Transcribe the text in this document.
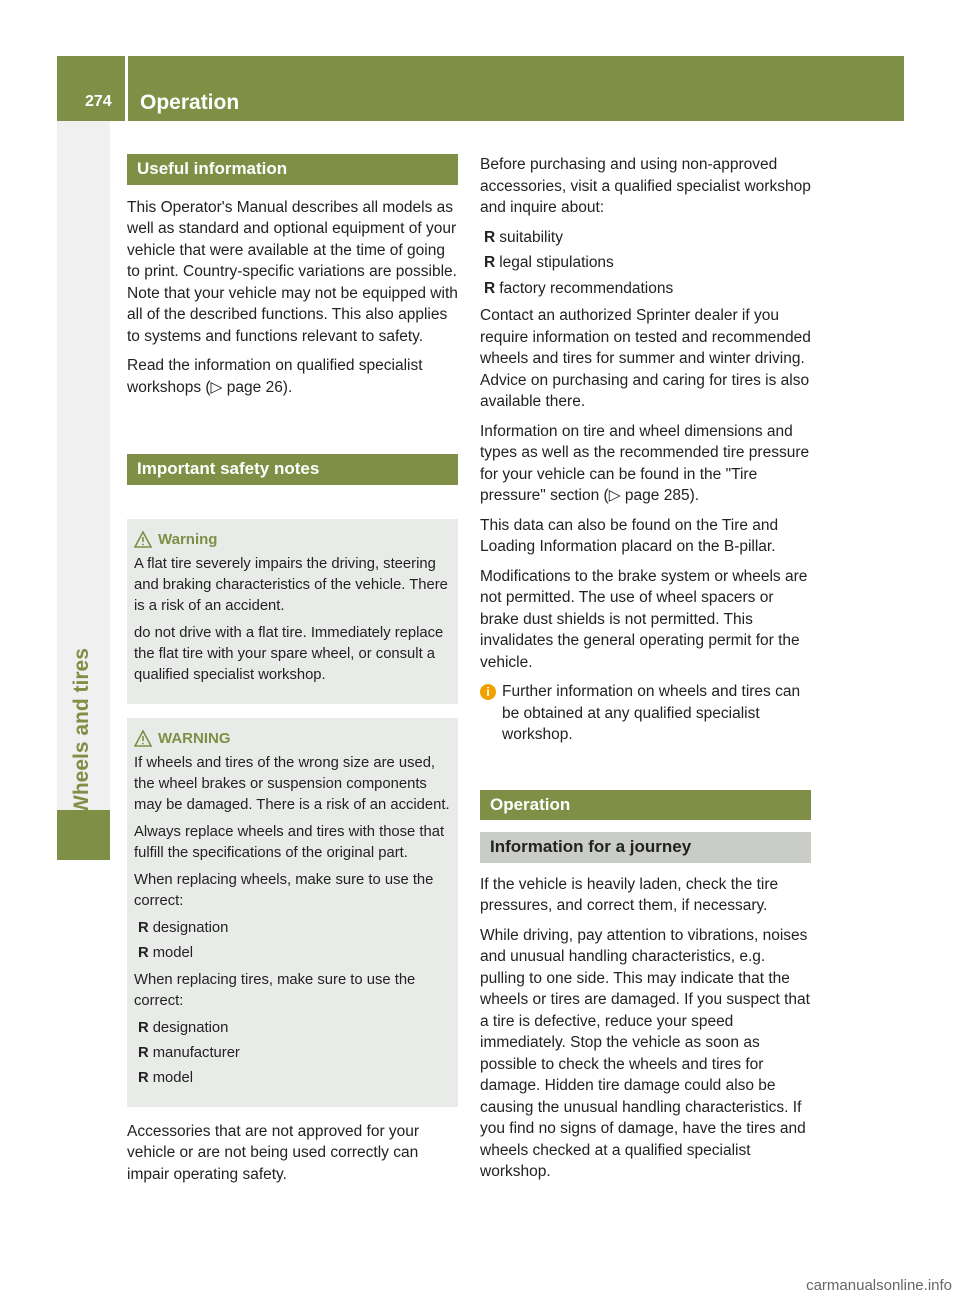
274 Operation
Wheels and tires
Useful information

This Operator's Manual describes all models as well as standard and optional equipment of your vehicle that were available at the time of going to print. Country-specific variations are possible. Note that your vehicle may not be equipped with all of the described functions. This also applies to systems and functions relevant to safety.

Read the information on qualified specialist workshops (▷ page 26).

Important safety notes
Warning

A flat tire severely impairs the driving, steering and braking characteristics of the vehicle. There is a risk of an accident.

do not drive with a flat tire. Immediately replace the flat tire with your spare wheel, or consult a qualified specialist workshop.

WARNING

If wheels and tires of the wrong size are used, the wheel brakes or suspension components may be damaged. There is a risk of an accident.

Always replace wheels and tires with those that fulfill the specifications of the original part.

When replacing wheels, make sure to use the correct:

R designation
R model

When replacing tires, make sure to use the correct:

R designation
R manufacturer
R model

Accessories that are not approved for your vehicle or are not being used correctly can impair operating safety.

Before purchasing and using non-approved accessories, visit a qualified specialist workshop and inquire about:

R suitability
R legal stipulations
R factory recommendations

Contact an authorized Sprinter dealer if you require information on tested and recommended wheels and tires for summer and winter driving. Advice on purchasing and caring for tires is also available there.

Information on tire and wheel dimensions and types as well as the recommended tire pressure for your vehicle can be found in the "Tire pressure" section (▷ page 285).

This data can also be found on the Tire and Loading Information placard on the B-pillar.

Modifications to the brake system or wheels are not permitted. The use of wheel spacers or brake dust shields is not permitted. This invalidates the general operating permit for the vehicle.

i Further information on wheels and tires can be obtained at any qualified specialist workshop.
Operation
Information for a journey

If the vehicle is heavily laden, check the tire pressures, and correct them, if necessary.

While driving, pay attention to vibrations, noises and unusual handling characteristics, e.g. pulling to one side. This may indicate that the wheels or tires are damaged. If you suspect that a tire is defective, reduce your speed immediately. Stop the vehicle as soon as possible to check the wheels and tires for damage. Hidden tire damage could also be causing the unusual handling characteristics. If you find no signs of damage, have the tires and wheels checked at a qualified specialist workshop.

carmanualsonline.info
